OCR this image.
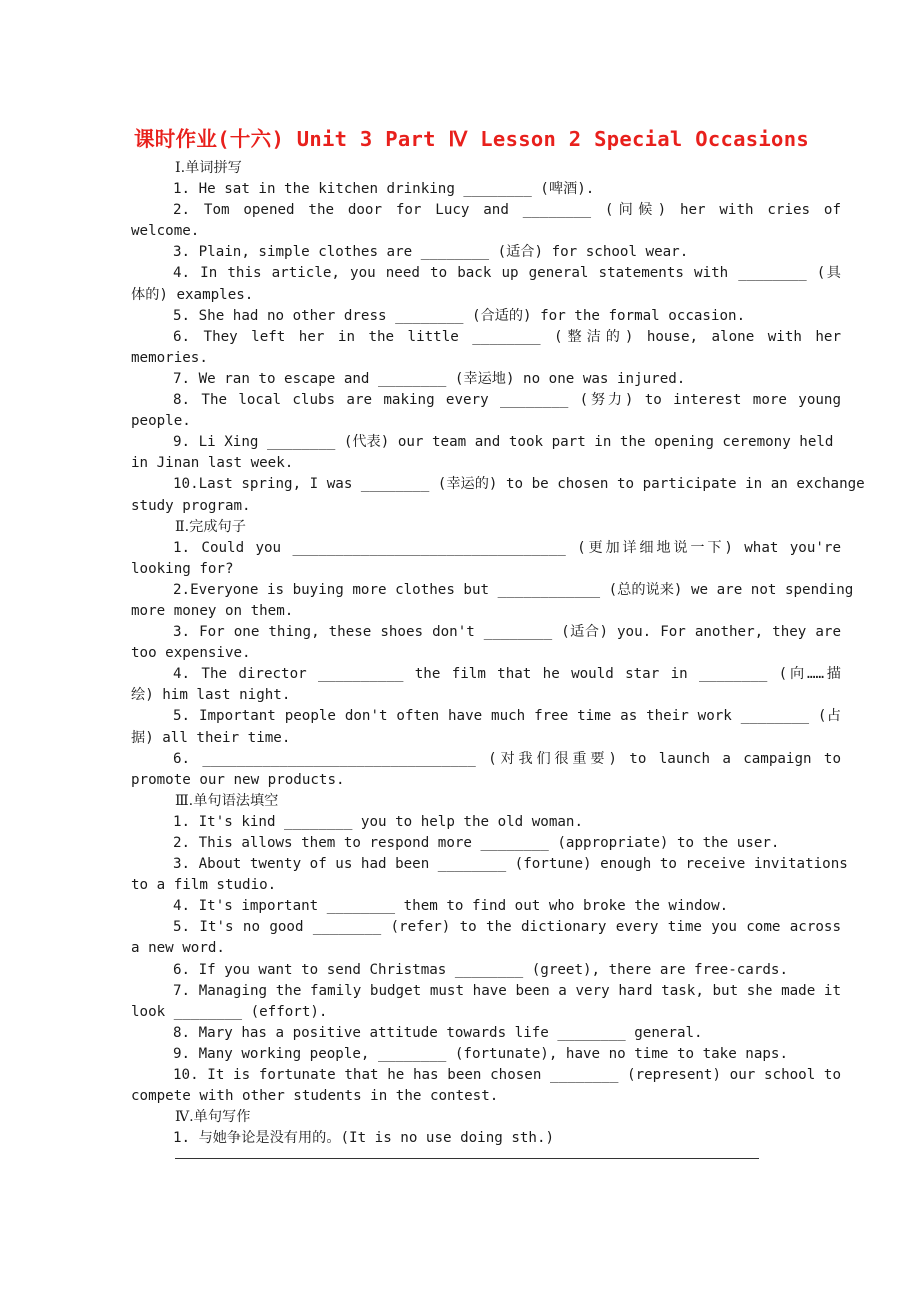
课时作业(十六) Unit 3 Part Ⅳ Lesson 2 Special Occasions
Ⅰ.单词拼写
1. He sat in the kitchen drinking ________ (啤酒).
2. Tom opened the door for Lucy and ________ (问候) her with cries of
welcome.
3. Plain, simple clothes are ________ (适合) for school wear.
4. In this article, you need to back up general statements with ________ (具
体的) examples.
5. She had no other dress ________ (合适的) for the formal occasion.
6. They left her in the little ________ (整洁的) house, alone with her
memories.
7. We ran to escape and ________ (幸运地) no one was injured.
8. The local clubs are making every ________ (努力) to interest more young
people.
9. Li Xing ________ (代表) our team and took part in the opening ceremony held
in Jinan last week.
10.Last spring, I was ________ (幸运的) to be chosen to participate in an exchange
study program.
Ⅱ.完成句子
1. Could you ________________________________ (更加详细地说一下) what you're
looking for?
2.Everyone is buying more clothes but ____________ (总的说来) we are not spending
more money on them.
3. For one thing, these shoes don't ________ (适合) you. For another, they are
too expensive.
4. The director __________ the film that he would star in ________ (向……描
绘) him last night.
5. Important people don't often have much free time as their work ________ (占
据) all their time.
6. ________________________________ (对我们很重要) to launch a campaign to
promote our new products.
Ⅲ.单句语法填空
1. It's kind ________ you to help the old woman.
2. This allows them to respond more ________ (appropriate) to the user.
3. About twenty of us had been ________ (fortune) enough to receive invitations
to a film studio.
4. It's important ________ them to find out who broke the window.
5. It's no good ________ (refer) to the dictionary every time you come across
a new word.
6. If you want to send Christmas ________ (greet), there are free-cards.
7. Managing the family budget must have been a very hard task, but she made it
look ________ (effort).
8. Mary has a positive attitude towards life ________ general.
9. Many working people, ________ (fortunate), have no time to take naps.
10. It is fortunate that he has been chosen ________ (represent) our school to
compete with other students in the contest.
Ⅳ.单句写作
1. 与她争论是没有用的。(It is no use doing sth.)
